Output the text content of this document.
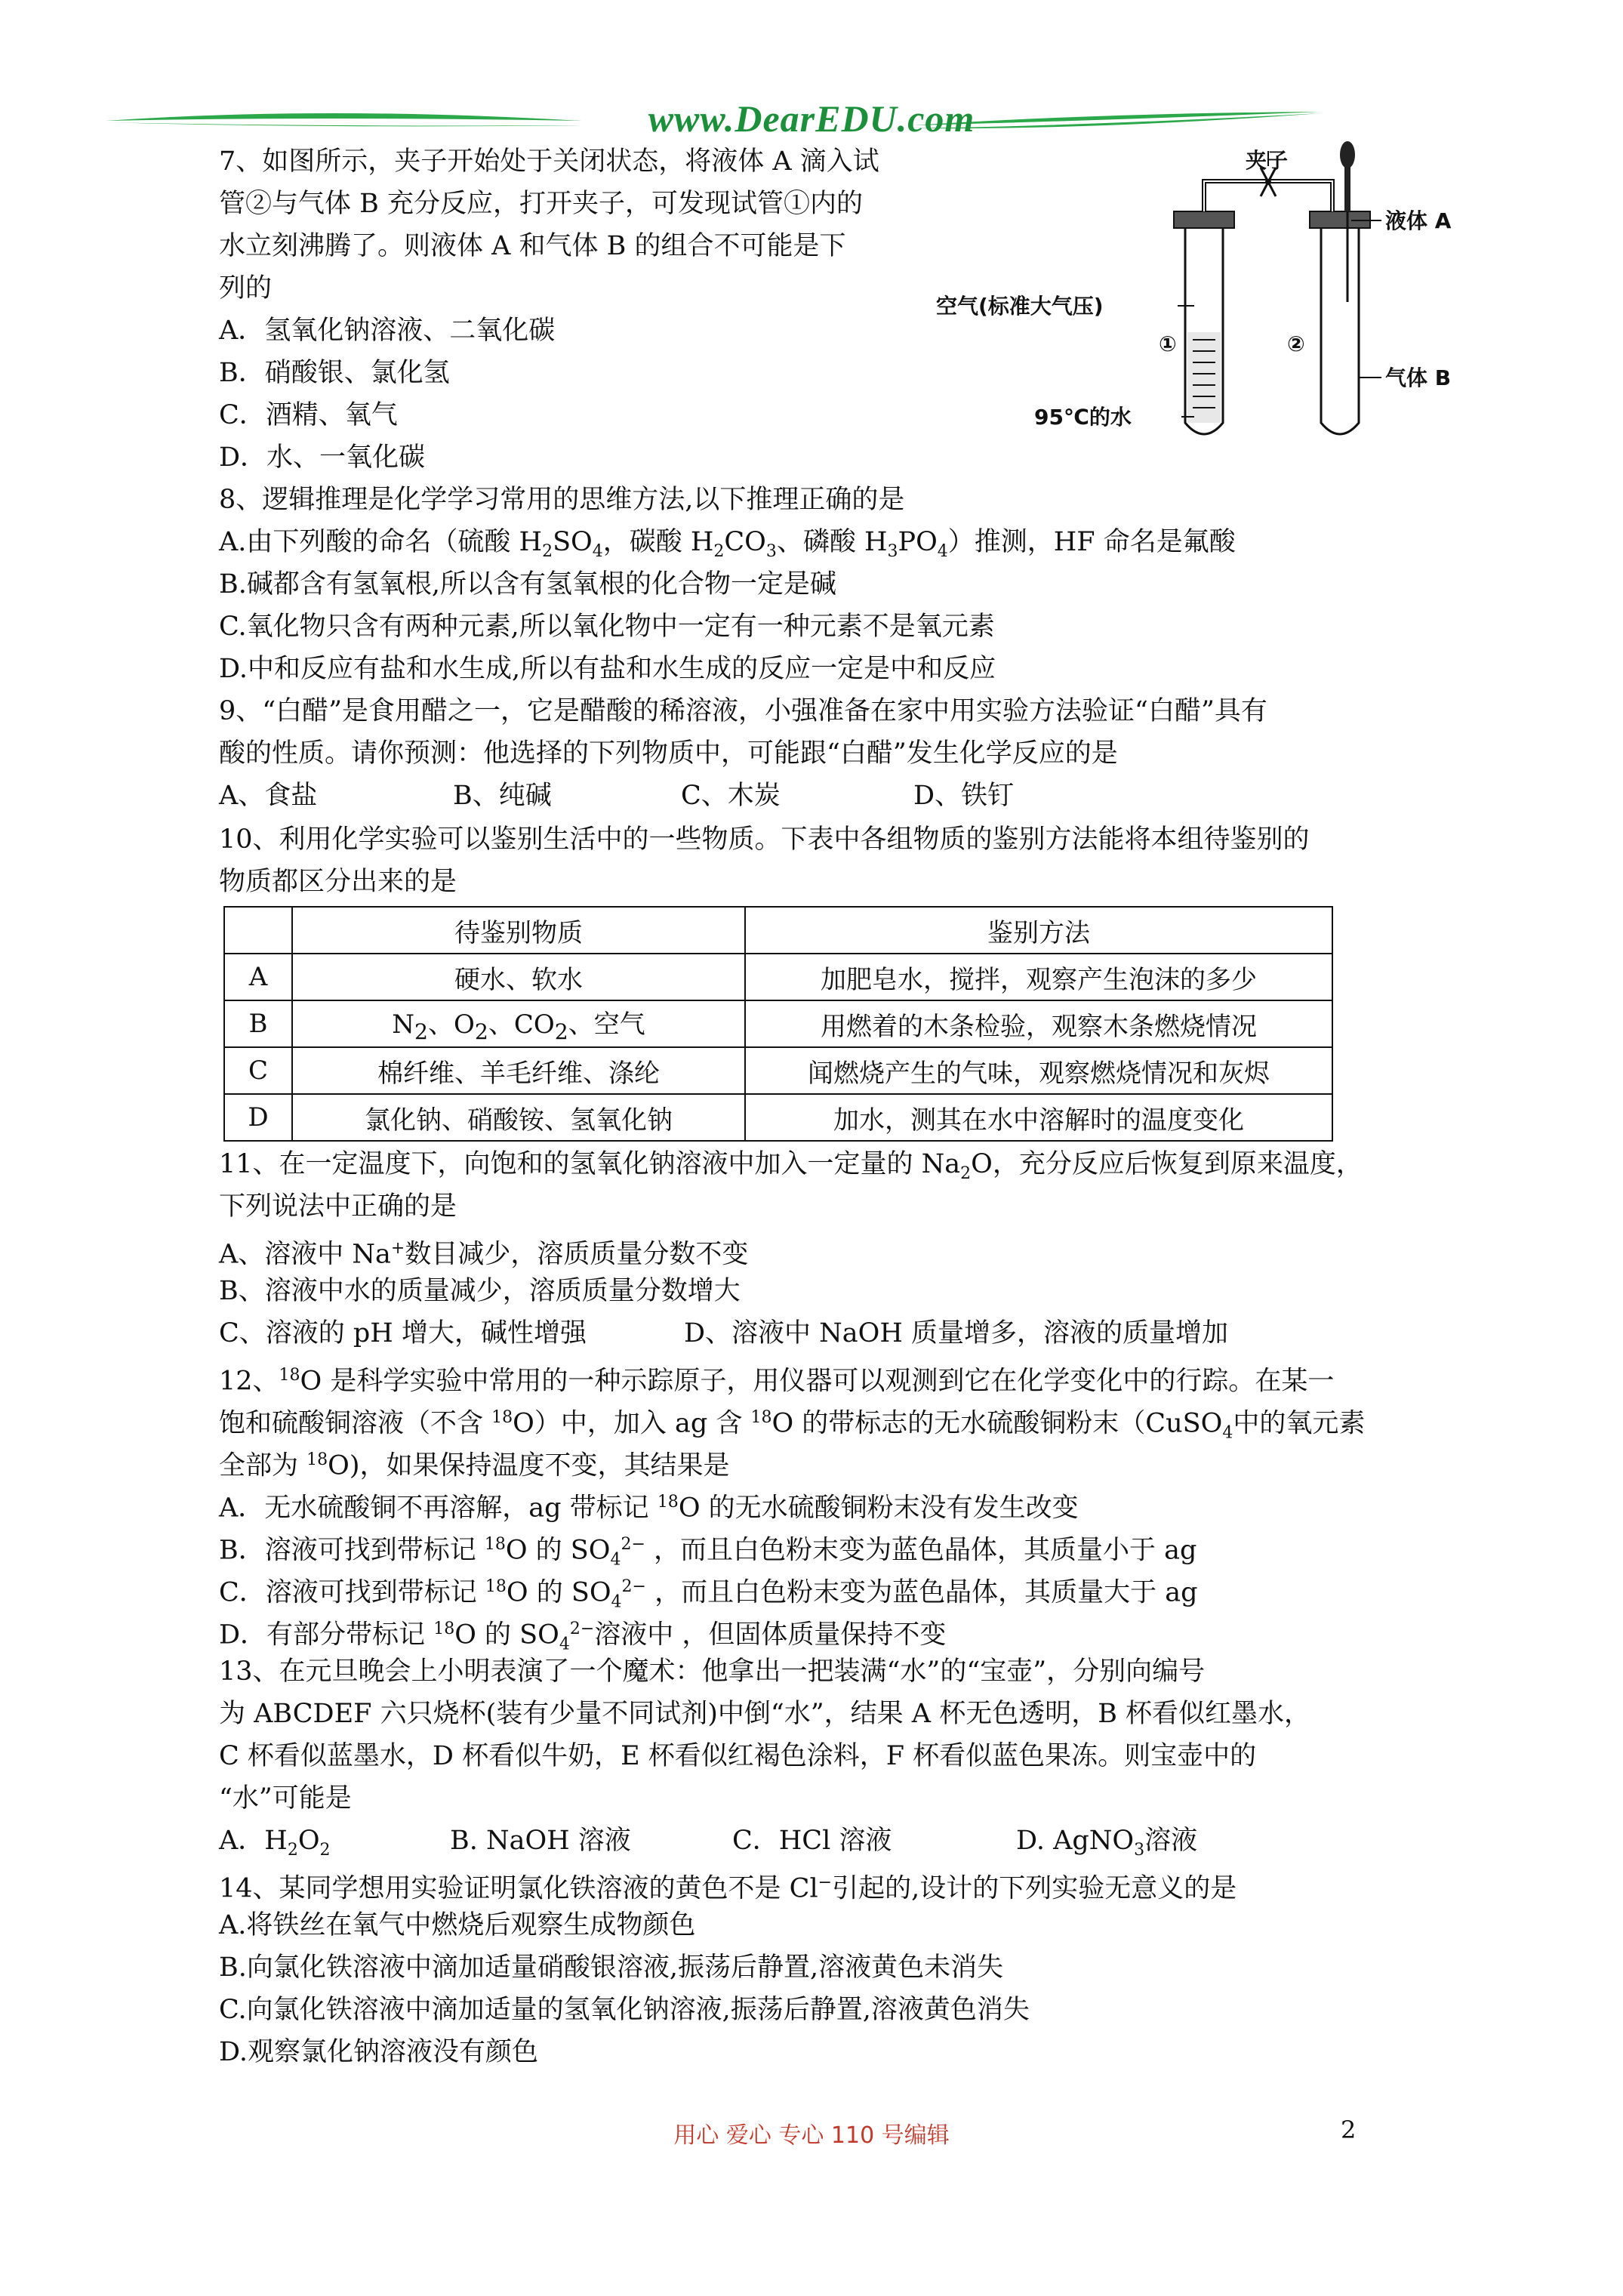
www.DearEDU.com
7、如图所示，夹子开始处于关闭状态，将液体 A 滴入试
管②与气体 B 充分反应，打开夹子，可发现试管①内的
水立刻沸腾了。则液体 A 和气体 B 的组合不可能是下
列的
A．氢氧化钠溶液、二氧化碳
B．硝酸银、氯化氢
C．酒精、氧气
D．水、一氧化碳
夹子
液体 A
空气(标准大气压)
①	②
气体 B
95℃的水
8、逻辑推理是化学学习常用的思维方法,以下推理正确的是
A.由下列酸的命名（硫酸 $H_2SO_4$，碳酸 $H_2CO_3$、磷酸 $H_3PO_4$）推测，HF 命名是氟酸
B.碱都含有氢氧根,所以含有氢氧根的化合物一定是碱
C.氧化物只含有两种元素,所以氧化物中一定有一种元素不是氧元素
D.中和反应有盐和水生成,所以有盐和水生成的反应一定是中和反应
9、“白醋”是食用醋之一，它是醋酸的稀溶液，小强准备在家中用实验方法验证“白醋”具有
酸的性质。请你预测：他选择的下列物质中，可能跟“白醋”发生化学反应的是
A、食盐	B、纯碱	C、木炭	D、铁钉
10、利用化学实验可以鉴别生活中的一些物质。下表中各组物质的鉴别方法能将本组待鉴别的
物质都区分出来的是
	待鉴别物质	鉴别方法
A	硬水、软水	加肥皂水，搅拌，观察产生泡沫的多少
B	$N_2$、$O_2$、$CO_2$、空气	用燃着的木条检验，观察木条燃烧情况
C	棉纤维、羊毛纤维、涤纶	闻燃烧产生的气味，观察燃烧情况和灰烬
D	氯化钠、硝酸铵、氢氧化钠	加水，测其在水中溶解时的温度变化
11、在一定温度下，向饱和的氢氧化钠溶液中加入一定量的 $Na_2O$，充分反应后恢复到原来温度，
下列说法中正确的是
A、溶液中 Na+数目减少，溶质质量分数不变
B、溶液中水的质量减少，溶质质量分数增大
C、溶液的 pH 增大，碱性增强	D、溶液中 NaOH 质量增多，溶液的质量增加
12、$^{18}$O 是科学实验中常用的一种示踪原子，用仪器可以观测到它在化学变化中的行踪。在某一
饱和硫酸铜溶液（不含 $^{18}$O）中，加入 ag 含 $^{18}$O 的带标志的无水硫酸铜粉末（CuSO$_4$中的氧元素
全部为 $^{18}$O)，如果保持温度不变，其结果是
A．无水硫酸铜不再溶解，ag 带标记 $^{18}$O 的无水硫酸铜粉末没有发生改变
B．溶液可找到带标记 $^{18}$O 的 $SO_4^{2-}$ ，而且白色粉末变为蓝色晶体，其质量小于 ag
C．溶液可找到带标记 $^{18}$O 的 $SO_4^{2-}$ ，而且白色粉末变为蓝色晶体，其质量大于 ag
D．有部分带标记 $^{18}$O 的 $SO_4^{2-}$溶液中 ，但固体质量保持不变
13、在元旦晚会上小明表演了一个魔术：他拿出一把装满“水”的“宝壶”，分别向编号
为 ABCDEF 六只烧杯(装有少量不同试剂)中倒“水”，结果 A 杯无色透明，B 杯看似红墨水，
C 杯看似蓝墨水，D 杯看似牛奶，E 杯看似红褐色涂料，F 杯看似蓝色果冻。则宝壶中的
“水”可能是
A．$H_2O_2$	B. NaOH 溶液	C．HCl 溶液	D. AgNO$_3$溶液
14、某同学想用实验证明氯化铁溶液的黄色不是 Cl−引起的,设计的下列实验无意义的是
A.将铁丝在氧气中燃烧后观察生成物颜色
B.向氯化铁溶液中滴加适量硝酸银溶液,振荡后静置,溶液黄色未消失
C.向氯化铁溶液中滴加适量的氢氧化钠溶液,振荡后静置,溶液黄色消失
D.观察氯化钠溶液没有颜色
用心 爱心 专心 110 号编辑	2
